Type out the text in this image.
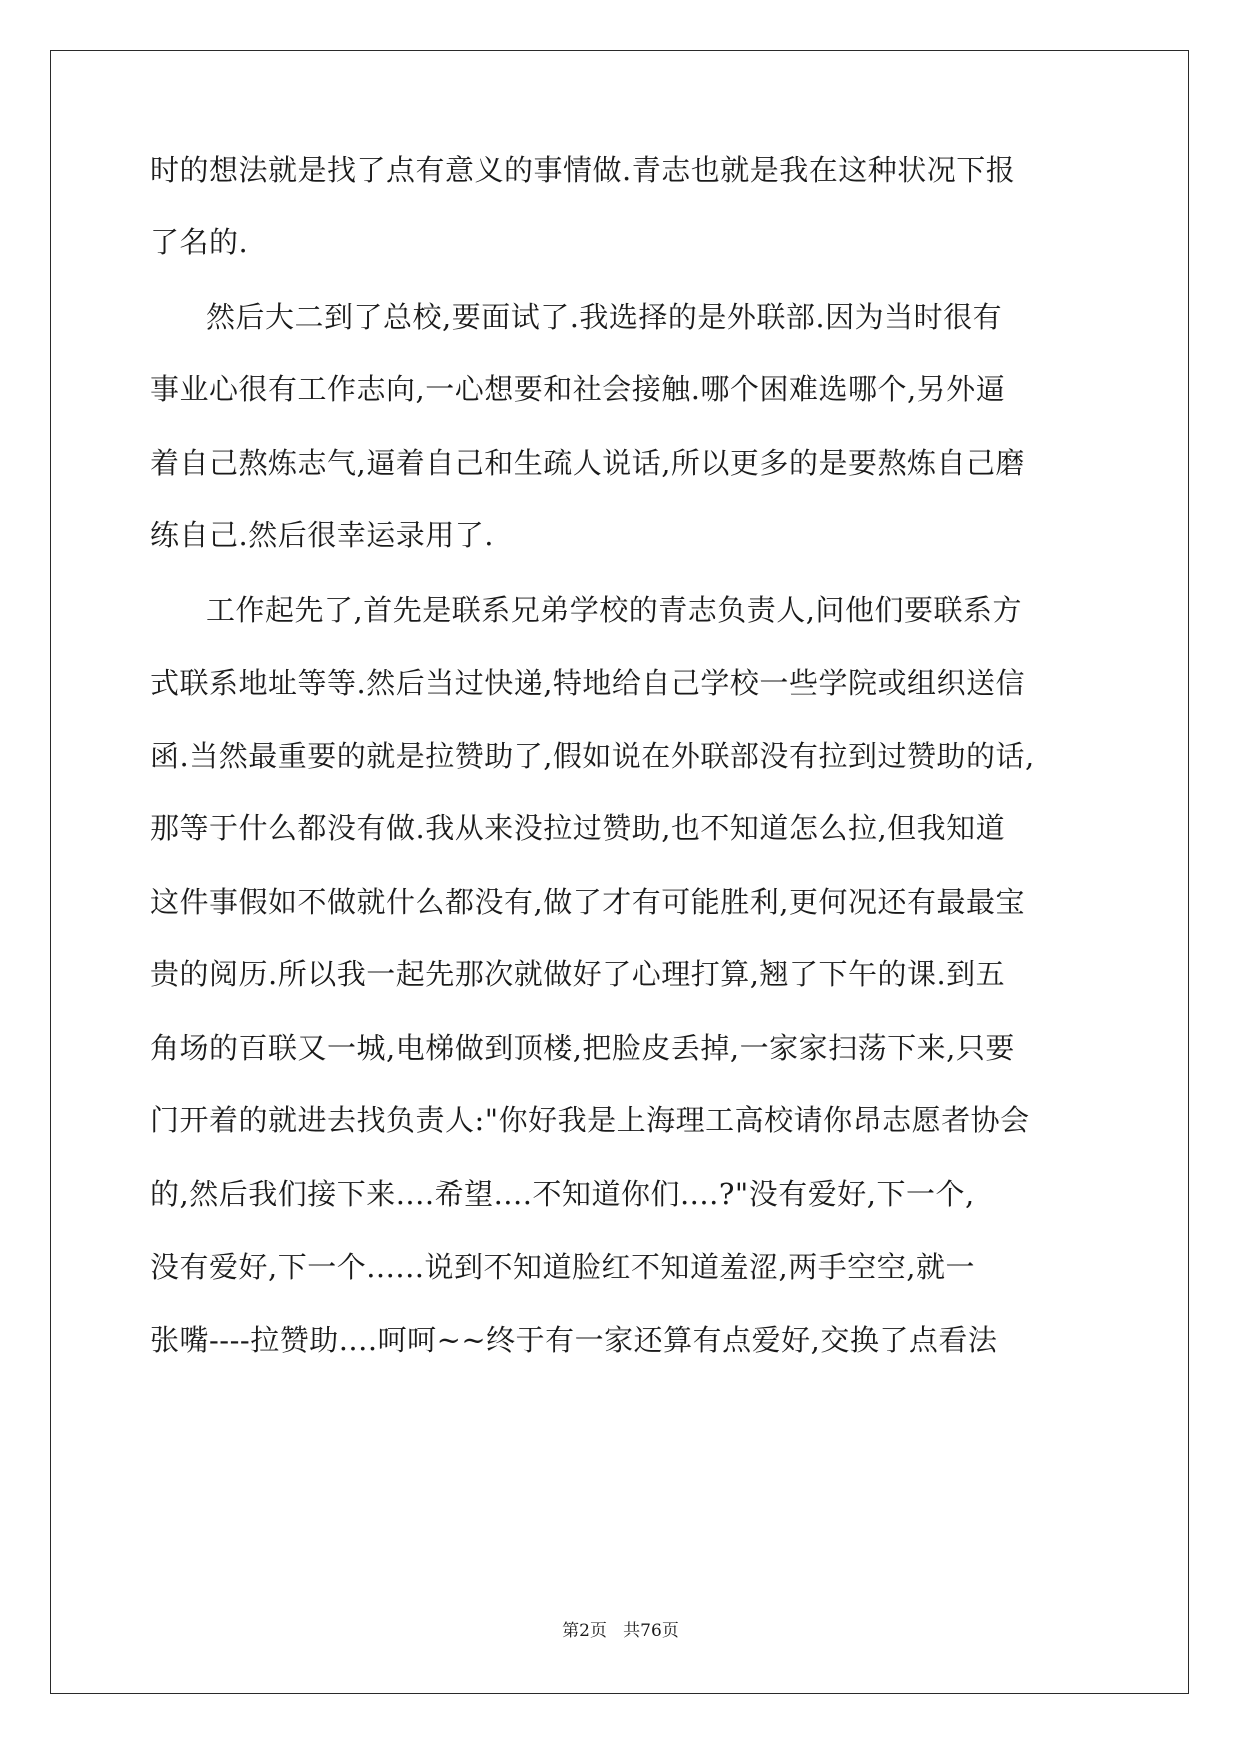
时的想法就是找了点有意义的事情做.青志也就是我在这种状况下报

了名的.

然后大二到了总校,要面试了.我选择的是外联部.因为当时很有

事业心很有工作志向,一心想要和社会接触.哪个困难选哪个,另外逼

着自己熬炼志气,逼着自己和生疏人说话,所以更多的是要熬炼自己磨

练自己.然后很幸运录用了.

工作起先了,首先是联系兄弟学校的青志负责人,问他们要联系方

式联系地址等等.然后当过快递,特地给自己学校一些学院或组织送信

函.当然最重要的就是拉赞助了,假如说在外联部没有拉到过赞助的话,

那等于什么都没有做.我从来没拉过赞助,也不知道怎么拉,但我知道

这件事假如不做就什么都没有,做了才有可能胜利,更何况还有最最宝

贵的阅历.所以我一起先那次就做好了心理打算,翘了下午的课.到五

角场的百联又一城,电梯做到顶楼,把脸皮丢掉,一家家扫荡下来,只要

门开着的就进去找负责人:"你好我是上海理工高校请你昂志愿者协会

的,然后我们接下来....希望....不知道你们....?"没有爱好,下一个,

没有爱好,下一个......说到不知道脸红不知道羞涩,两手空空,就一

张嘴----拉赞助....呵呵~~终于有一家还算有点爱好,交换了点看法

第2页   共76页
